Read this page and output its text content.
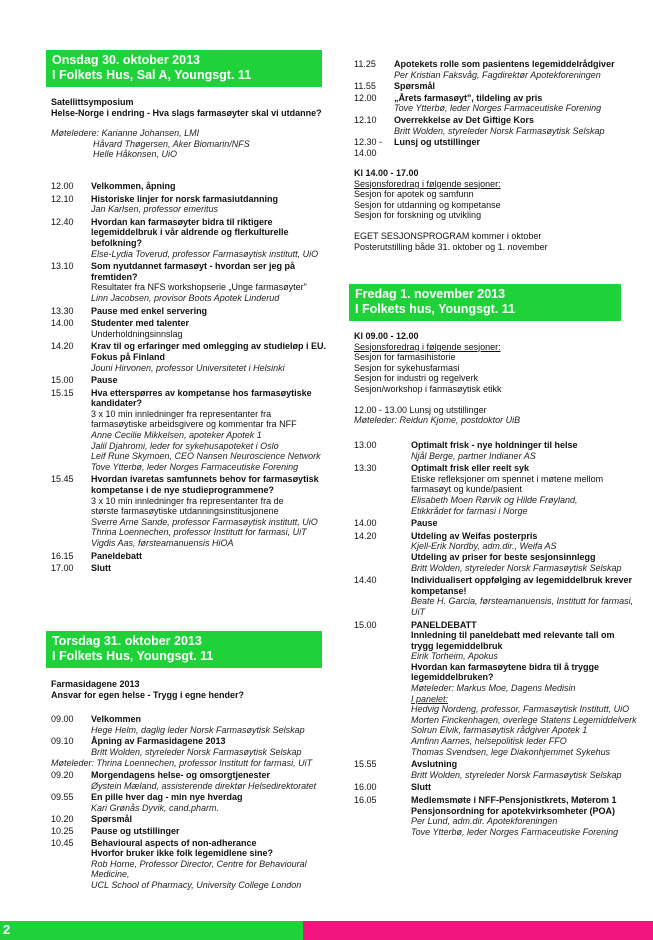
Onsdag 30. oktober 2013
I Folkets Hus, Sal A, Youngsgt. 11
Satellittsymposium
Helse-Norge i endring - Hva slags farmasøyter skal vi utdanne?
Møteledere: Karianne Johansen, LMI
Håvard Thøgersen, Aker Biomarin/NFS
Helle Håkonsen, UiO
12.00	Velkommen, åpning
12.10	Historiske linjer for norsk farmasiutdanning
Jan Karlsen, professor emeritus
12.40	Hvordan kan farmasøyter bidra til riktigere
legemiddelbruk i vår aldrende og flerkulturelle
befolkning?
Else-Lydia Toverud, professor Farmasøytisk institutt, UiO
13.10	Som nyutdannet farmasøyt - hvordan ser jeg på
fremtiden?
Resultater fra NFS workshopserie „Unge farmasøyter"
Linn Jacobsen, provisor Boots Apotek Linderud
13.30	Pause med enkel servering
14.00	Studenter med talenter
Underholdningsinnslag
14.20	Krav til og erfaringer med omlegging av studieløp i EU.
Fokus på Finland
Jouni Hirvonen, professor Universitetet i Helsinki
15.00	Pause
15.15	Hva etterspørres av kompetanse hos farmasøytiske
kandidater?
3 x 10 min innledninger fra representanter fra
farmasøytiske arbeidsgivere og kommentar fra NFF
Anne Cecilie Mikkelsen, apoteker Apotek 1
Jalil Djahromi, leder for sykehusapoteket i Oslo
Leif Rune Skymoen, CEO Nansen Neuroscience Network
Tove Ytterbø, leder Norges Farmaceutiske Forening
15.45	Hvordan ivaretas samfunnets behov for farmasøytisk
kompetanse i de nye studieprogrammene?
3 x 10 min innledninger fra representanter fra de
største farmasøytiske utdanningsinstitusjonene
Sverre Arne Sande, professor Farmasøytisk institutt, UiO
Thrina Loennechen, professor Institutt for farmasi, UiT
Vigdis Aas, førsteamanuensis HiOA
16.15	Paneldebatt
17.00	Slutt
Torsdag 31. oktober 2013
I Folkets Hus, Youngsgt. 11
Farmasidagene 2013
Ansvar for egen helse - Trygg i egne hender?
09.00	Velkommen
Hege Helm, daglig leder Norsk Farmasøytisk Selskap
09.10	Åpning av Farmasidagene 2013
Britt Wolden, styreleder Norsk Farmasøytisk Selskap
Møteleder: Thrina Loennechen, professor Institutt for farmasi, UiT
09.20	Morgendagens helse- og omsorgtjenester
Øystein Mæland, assisterende direktør Helsedirektoratet
09.55	En pille hver dag - min nye hverdag
Kari Grønås Dyvik, cand.pharm.
10.20	Spørsmål
10.25	Pause og utstillinger
10.45	Behavioural aspects of non-adherance
Hvorfor bruker ikke folk legemidlene sine?
Rob Horne, Professor Director, Centre for Behavioural Medicine,
UCL School of Pharmacy, University College London
11.25	Apotekets rolle som pasientens legemiddelrådgiver
Per Kristian Faksvåg, Fagdirektør Apotekforeningen
11.55	Spørsmål
12.00	„Årets farmasøyt", tildeling av pris
Tove Ytterbø, leder Norges Farmaceutiske Forening
12.10	Overrekkelse av Det Giftige Kors
Britt Wolden, styreleder Norsk Farmasøytisk Selskap
12.30 - 14.00
Lunsj og utstillinger
Kl 14.00 - 17.00
Sesjonsforedrag i følgende sesjoner:
Sesjon for apotek og samfunn
Sesjon for utdanning og kompetanse
Sesjon for forskning og utvikling
EGET SESJONSPROGRAM kommer i oktober
Posterutstilling både 31. oktober og 1. november
Fredag 1. november 2013
I Folkets hus, Youngsgt. 11
Kl 09.00 - 12.00
Sesjonsforedrag i følgende sesjoner:
Sesjon for farmasihistorie
Sesjon for sykehusfarmasi
Sesjon for industri og regelverk
Sesjon/workshop i farmasøytisk etikk
12.00 - 13.00 Lunsj og utstillinger
Møteleder: Reidun Kjome, postdoktor UiB
13.00	Optimalt frisk - nye holdninger til helse
Njål Berge, partner Indianer AS
13.30	Optimalt frisk eller reelt syk
Etiske refleksjoner om spennet i møtene mellom
farmasøyt og kunde/pasient
Elisabeth Moen Rørvik og Hilde Frøyland,
Etikkrådet for farmasi i Norge
14.00	Pause
14.20	Utdeling av Weifas posterpris
Kjell-Erik Nordby, adm.dir., Weifa AS
Utdeling av priser for beste sesjonsinnlegg
Britt Wolden, styreleder Norsk Farmasøytisk Selskap
14.40	Individualisert oppfølging av legemiddelbruk krever
kompetanse!
Beate H. Garcia, førsteamanuensis, Institutt for farmasi, UiT
15.00	PANELDEBATT
Innledning til paneldebatt med relevante tall om
trygg legemiddelbruk
Eirik Torheim, Apokus
Hvordan kan farmasøytene bidra til å trygge
legemiddelbruken?
Møteleder: Markus Moe, Dagens Medisin
I panelet:
Hedvig Nordeng, professor, Farmasøytisk Institutt, UiO
Morten Finckenhagen, overlege Statens Legemiddelverk
Solrun Elvik, farmasøytisk rådgiver Apotek 1
Amfinn Aarnes, helsepolitisk leder FFO
Thomas Svendsen, lege Diakonhjemmet Sykehus
15.55	Avslutning
Britt Wolden, styreleder Norsk Farmasøytisk Selskap
16.00	Slutt
16.05	Medlemsmøte i NFF-Pensjonistkrets, Møterom 1
Pensjonsordning for apotekvirksomheter (POA)
Per Lund, adm.dir. Apotekforeningen
Tove Ytterbø, leder Norges Farmaceutiske Forening
2
